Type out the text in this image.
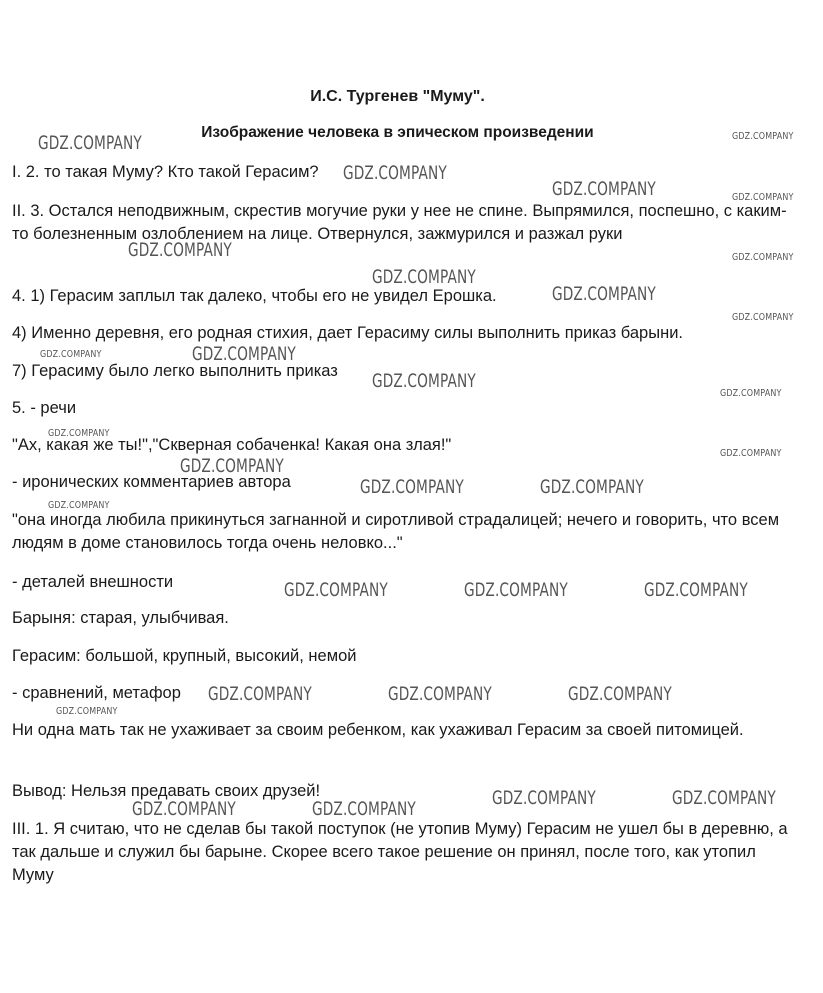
И.С. Тургенев "Муму".
Изображение человека в эпическом произведении
I. 2. то такая Муму? Кто такой Герасим?
II. 3. Остался неподвижным, скрестив могучие руки у нее не спине. Выпрямился, поспешно, с каким-то болезненным озлоблением на лице. Отвернулся, зажмурился и разжал руки
4. 1) Герасим заплыл так далеко, чтобы его не увидел Ерошка.
4) Именно деревня, его родная стихия, дает Герасиму силы выполнить приказ барыни.
7) Герасиму было легко выполнить приказ
5. - речи
"Ах, какая же ты!","Скверная собаченка! Какая она злая!"
- иронических комментариев автора
"она иногда любила прикинуться загнанной и сиротливой страдалицей; нечего и говорить, что всем людям в доме становилось тогда очень неловко..."
- деталей внешности
Барыня: старая, улыбчивая.
Герасим: большой, крупный, высокий, немой
- сравнений, метафор
Ни одна мать так не ухаживает за своим ребенком, как ухаживал Герасим за своей питомицей.
Вывод: Нельзя предавать своих друзей!
III. 1. Я считаю, что не сделав бы такой поступок (не утопив Муму) Герасим не ушел бы в деревню, а так дальше и служил бы барыне. Скорее всего такое решение он принял, после того, как утопил Муму
GDZ.COMPANY	GDZ.COMPANY
GDZ.COMPANY
GDZ.COMPANY	GDZ.COMPANY
GDZ.COMPANY	GDZ.COMPANY
GDZ.COMPANY
GDZ.COMPANY
GDZ.COMPANY
GDZ.COMPANY	GDZ.COMPANY
GDZ.COMPANY
GDZ.COMPANY
GDZ.COMPANY
GDZ.COMPANY
GDZ.COMPANY
GDZ.COMPANY	GDZ.COMPANY
GDZ.COMPANY
GDZ.COMPANY	GDZ.COMPANY	GDZ.COMPANY
GDZ.COMPANY	GDZ.COMPANY	GDZ.COMPANY
GDZ.COMPANY
GDZ.COMPANY	GDZ.COMPANY
GDZ.COMPANY	GDZ.COMPANY
